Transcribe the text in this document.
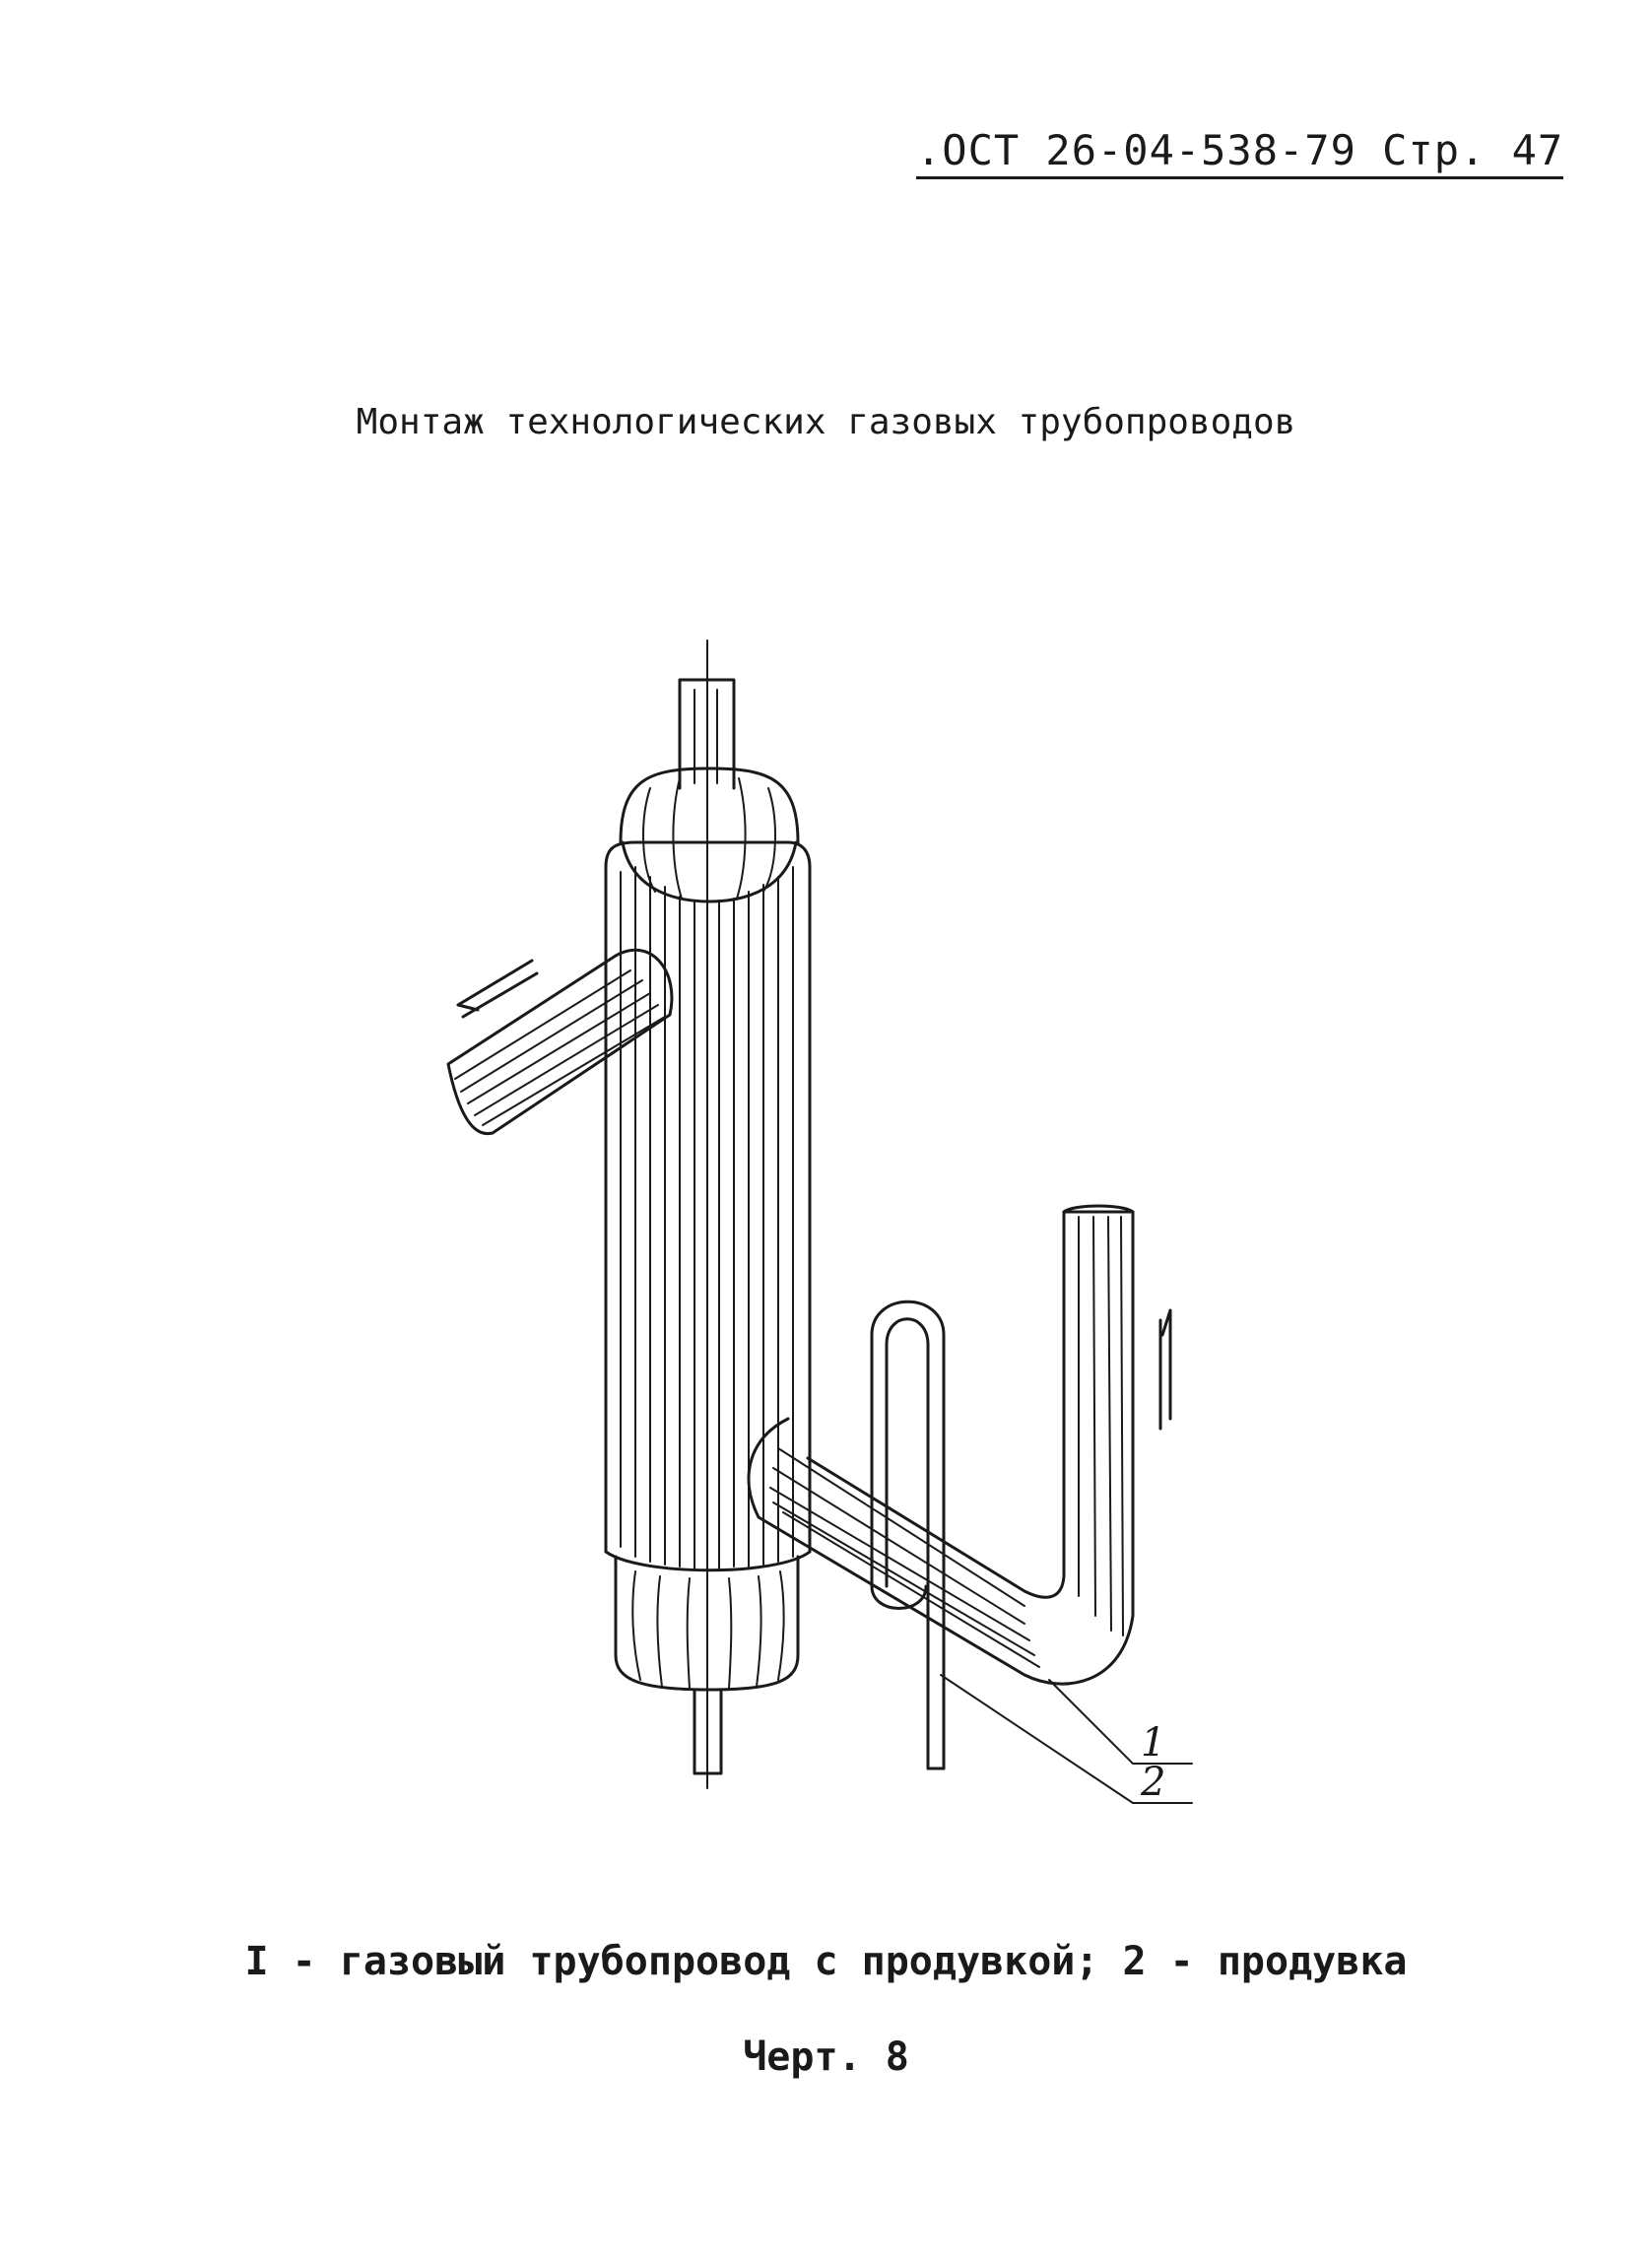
.ОСТ 26-04-538-79 Стр. 47
Монтаж технологических газовых трубопроводов
1
2
I - газовый трубопровод с продувкой; 2 - продувка
Черт. 8
